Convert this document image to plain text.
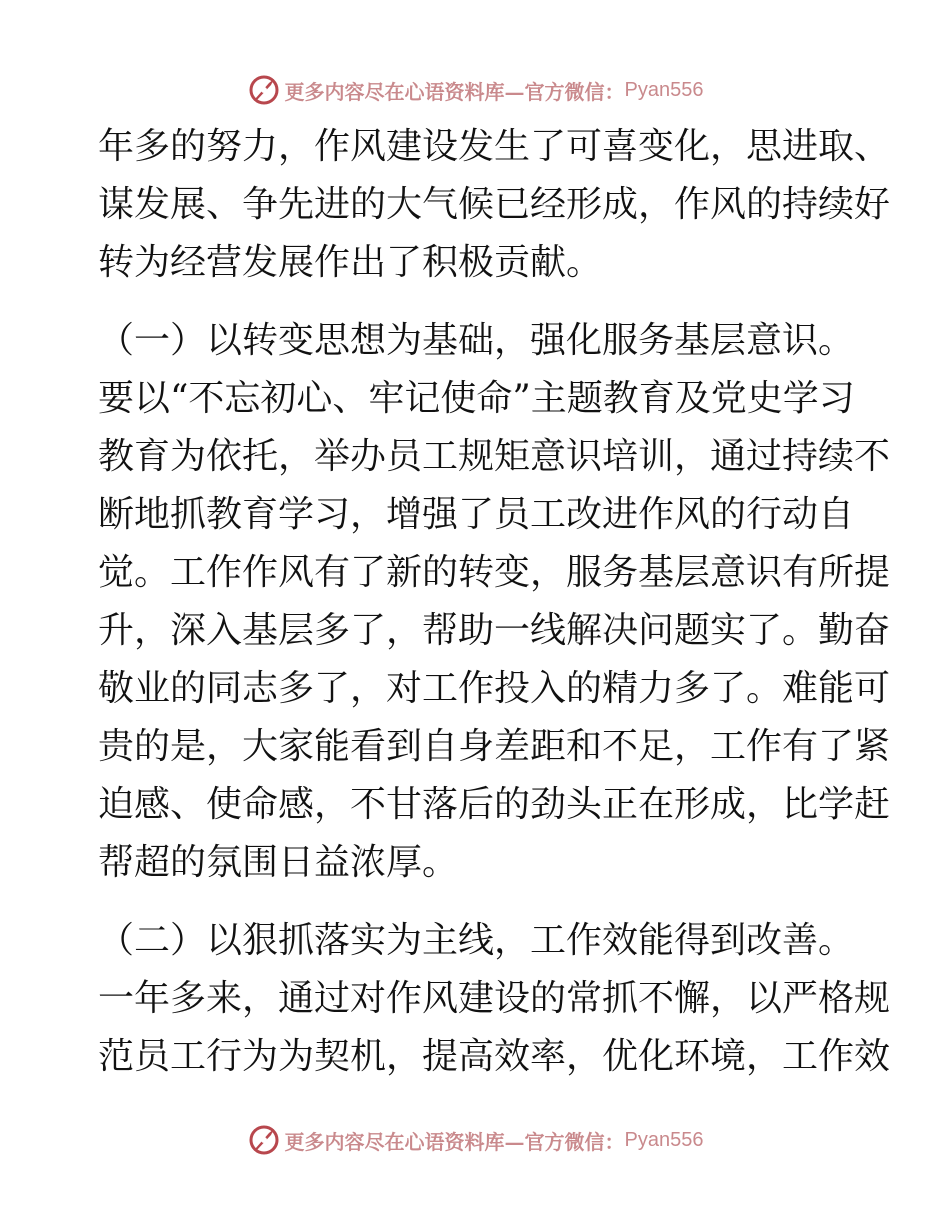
更多内容尽在心语资料库—官方微信： Pyan556
年多的努力，作风建设发生了可喜变化，思进取、
谋发展、争先进的大气候已经形成，作风的持续好
转为经营发展作出了积极贡献。
（一）以转变思想为基础，强化服务基层意识。
要以“不忘初心、牢记使命”主题教育及党史学习
教育为依托，举办员工规矩意识培训，通过持续不
断地抓教育学习，增强了员工改进作风的行动自
觉。工作作风有了新的转变，服务基层意识有所提
升，深入基层多了，帮助一线解决问题实了。勤奋
敬业的同志多了，对工作投入的精力多了。难能可
贵的是，大家能看到自身差距和不足，工作有了紧
迫感、使命感，不甘落后的劲头正在形成，比学赶
帮超的氛围日益浓厚。
（二）以狠抓落实为主线，工作效能得到改善。
一年多来，通过对作风建设的常抓不懈，以严格规
范员工行为为契机，提高效率，优化环境，工作效
更多内容尽在心语资料库—官方微信： Pyan556
